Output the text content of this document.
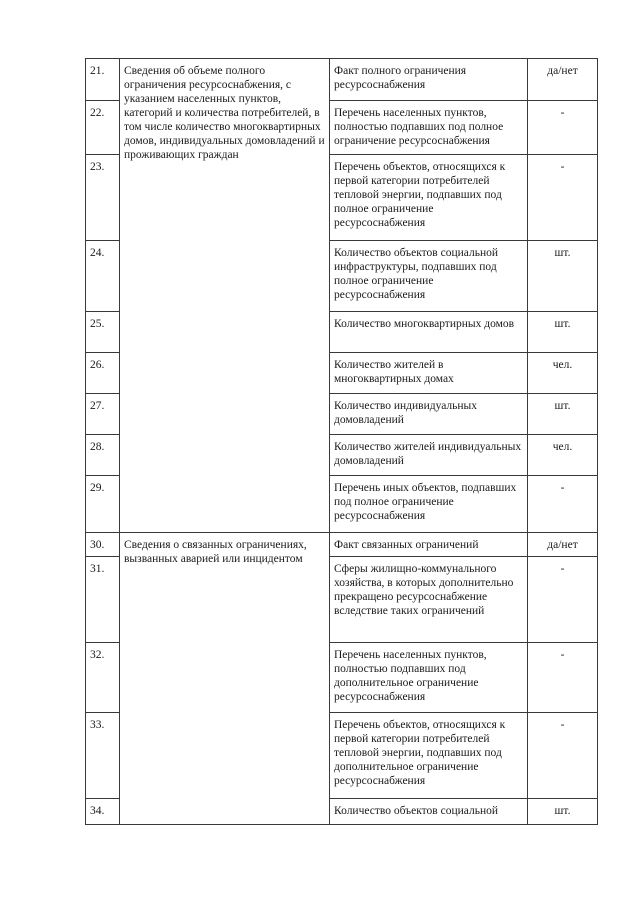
21.	Сведения об объеме полного ограничения ресурсоснабжения, с указанием населенных пунктов, категорий и количества потребителей, в том числе количество многоквартирных домов, индивидуальных домовладений и проживающих граждан	Факт полного ограничения ресурсоснабжения	да/нет
22.		Перечень населенных пунктов, полностью подпавших под полное ограничение ресурсоснабжения	-
23.		Перечень объектов, относящихся к первой категории потребителей тепловой энергии, подпавших под полное ограничение ресурсоснабжения	-
24.		Количество объектов социальной инфраструктуры, подпавших под полное ограничение ресурсоснабжения	шт.
25.		Количество многоквартирных домов	шт.
26.		Количество жителей в многоквартирных домах	чел.
27.		Количество индивидуальных домовладений	шт.
28.		Количество жителей индивидуальных домовладений	чел.
29.		Перечень иных объектов, подпавших под полное ограничение ресурсоснабжения	-
30.	Сведения о связанных ограничениях, вызванных аварией или инцидентом	Факт связанных ограничений	да/нет
31.		Сферы жилищно-коммунального хозяйства, в которых дополнительно прекращено ресурсоснабжение вследствие таких ограничений	-
32.		Перечень населенных пунктов, полностью подпавших под дополнительное ограничение ресурсоснабжения	-
33.		Перечень объектов, относящихся к первой категории потребителей тепловой энергии, подпавших под дополнительное ограничение ресурсоснабжения	-
34.		Количество объектов социальной	шт.
